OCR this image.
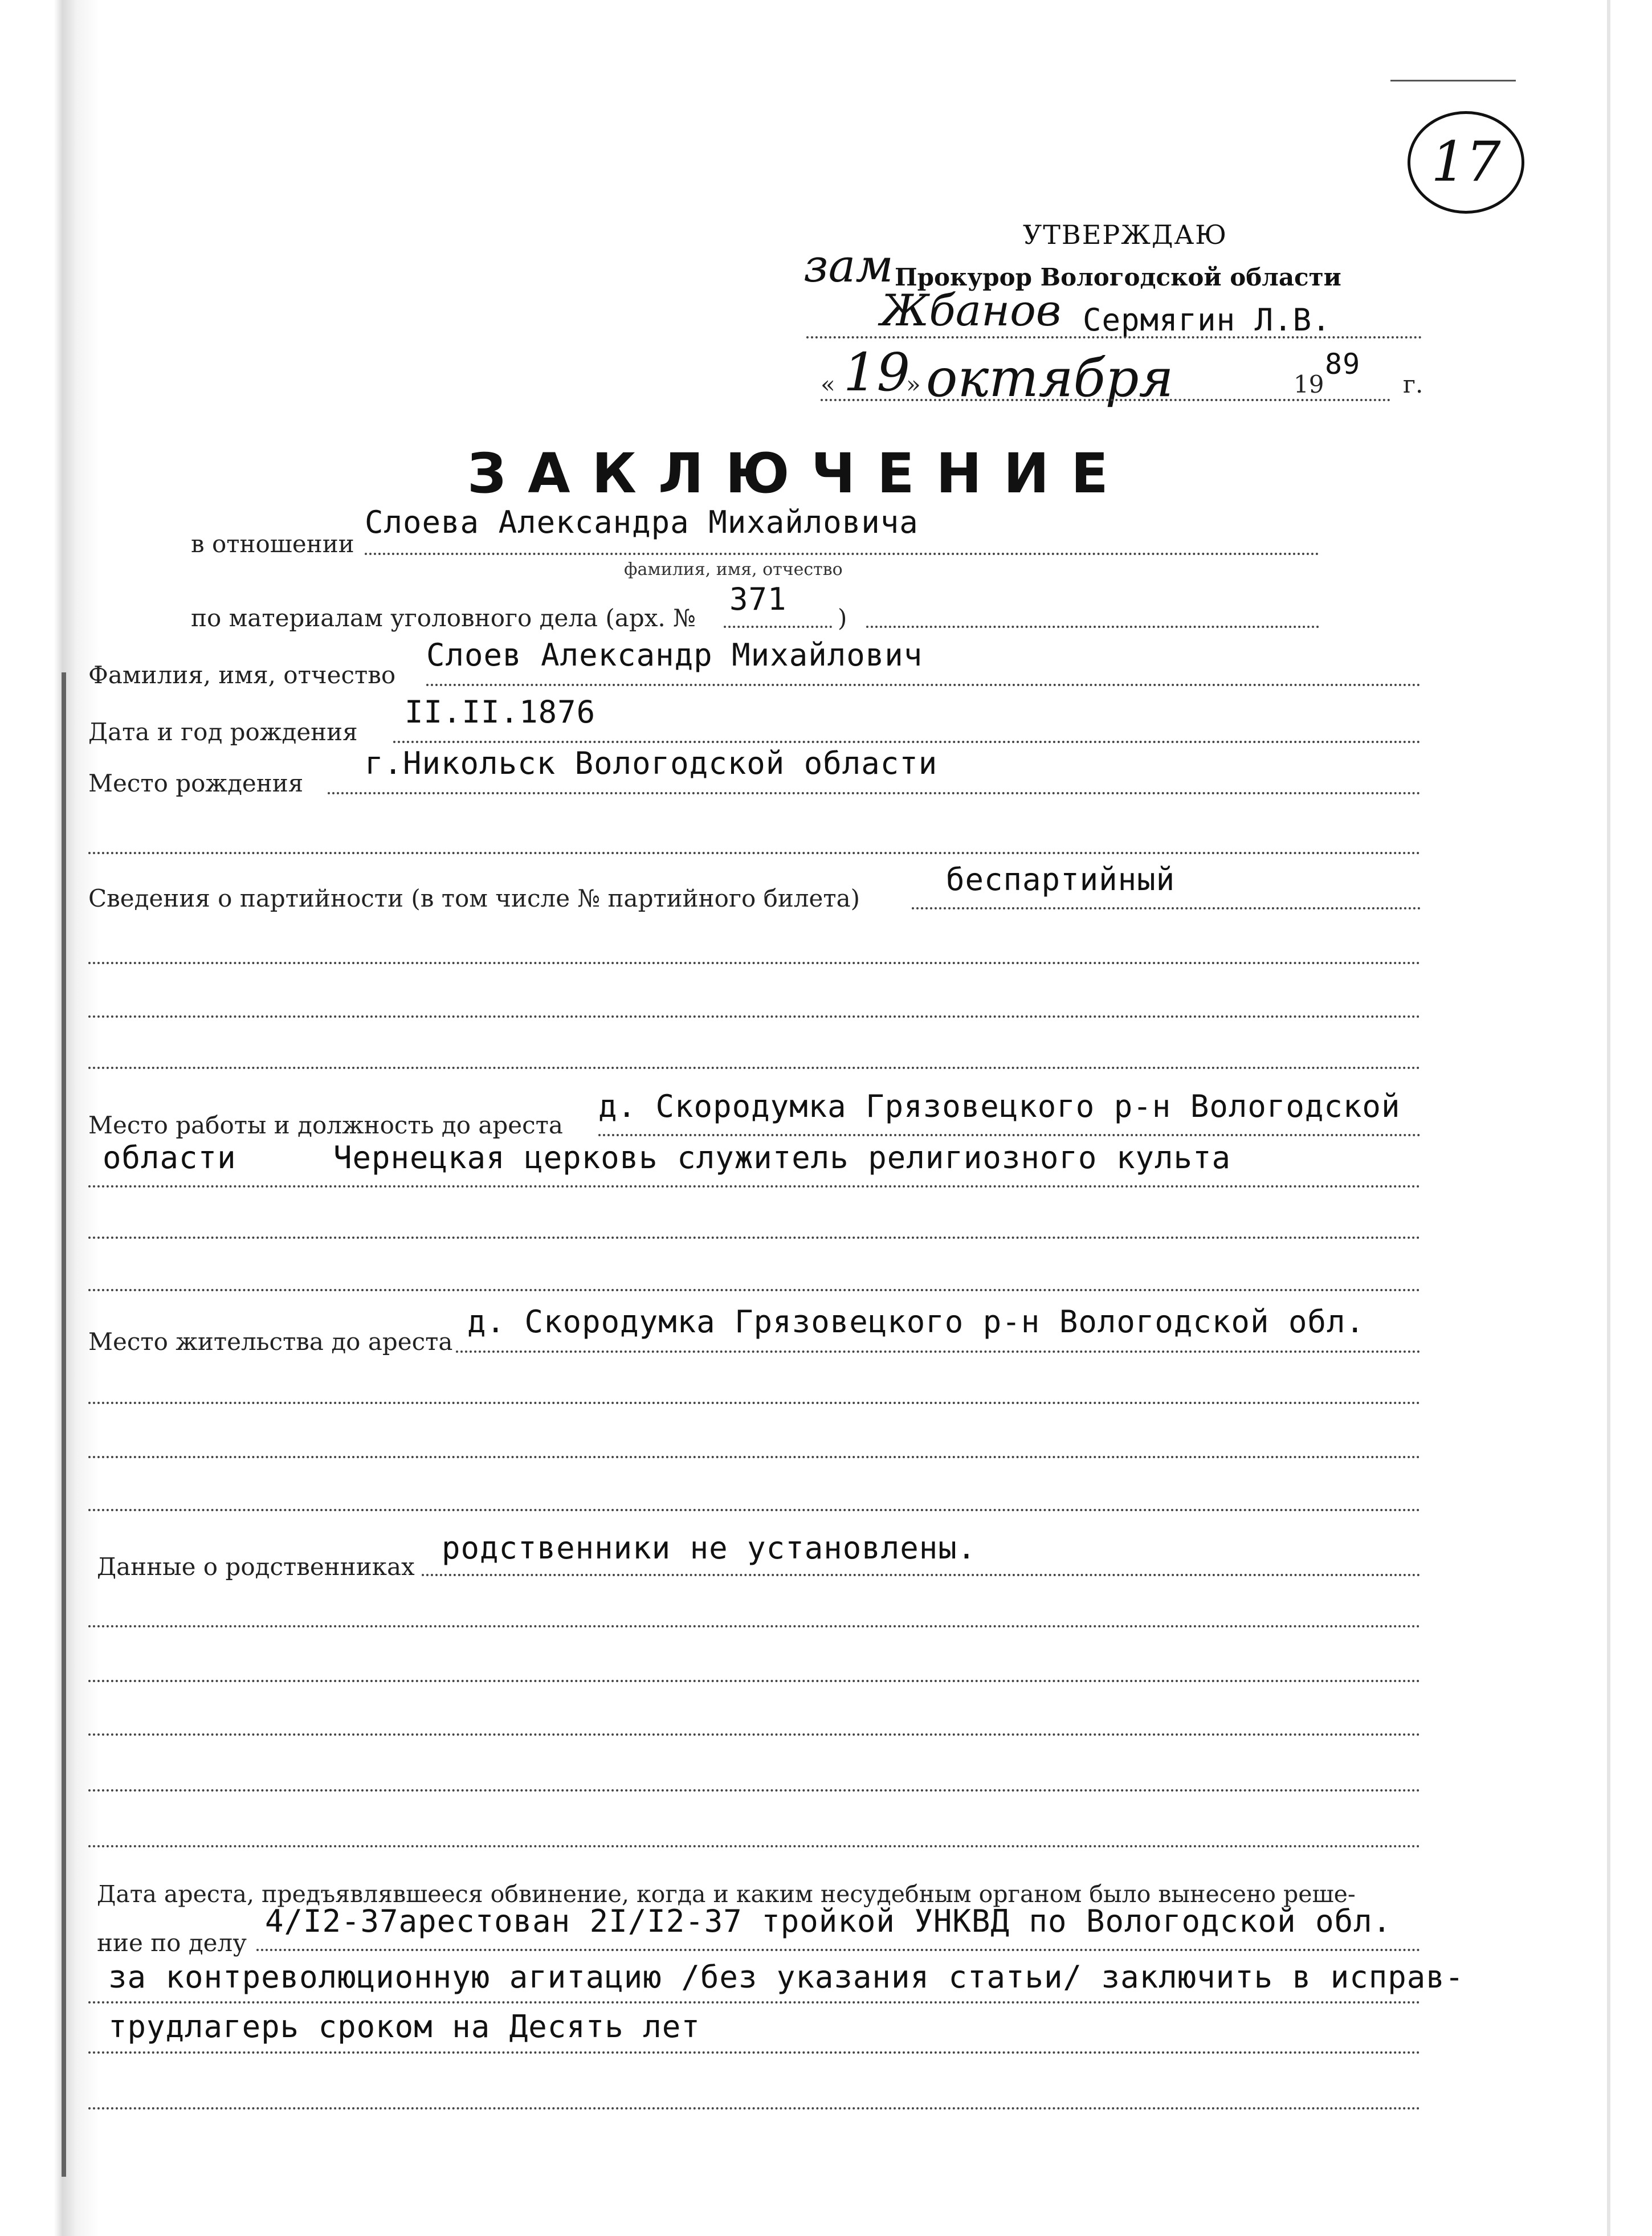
17
УТВЕРЖДАЮ
зам Прокурор Вологодской области
Жбанов Сермягин Л.В.
« 19
» октября	19
89
г.
ЗАКЛЮЧЕНИЕ
в отношении
Слоева Александра Михайловича
фамилия, имя, отчество
по материалам уголовного дела (арх. №
371
)
Фамилия, имя, отчество
Слоев Александр Михайлович
Дата и год рождения
II.II.1876
Место рождения
г.Никольск Вологодской области
Сведения о партийности (в том числе № партийного билета)
беспартийный
Место работы и должность до ареста
д. Скородумка Грязовецкого р-н Вологодской
области	Чернецкая церковь служитель религиозного культа
Место жительства до ареста
д. Скородумка Грязовецкого р-н Вологодской обл.
Данные о родственниках
родственники не установлены.
Дата ареста, предъявлявшееся обвинение, когда и каким несудебным органом было вынесено реше-
ние по делу
4/I2-37арестован 2I/I2-37 тройкой УНКВД по Вологодской обл.
за контреволюционную агитацию /без указания статьи/ заключить в исправ-
трудлагерь сроком на Десять лет
